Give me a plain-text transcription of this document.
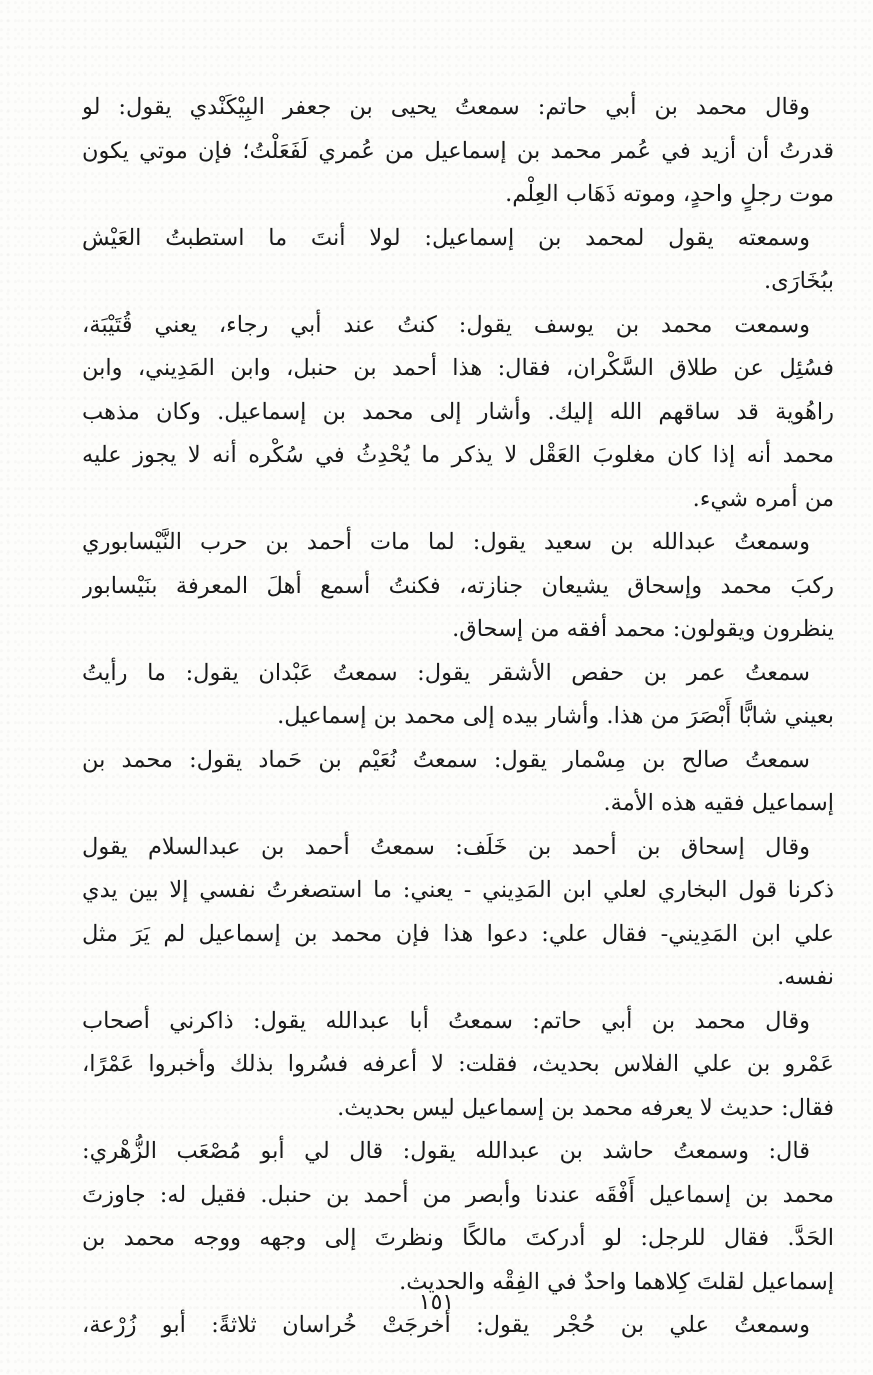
وقال محمد بن أبي حاتم: سمعتُ يحيى بن جعفر البِيْكَنْدي يقول: لو
قدرتُ أن أزيد في عُمر محمد بن إسماعيل من عُمري لَفَعَلْتُ؛ فإن موتي يكون
موت رجلٍ واحدٍ، وموته ذَهَاب العِلْم.
وسمعته يقول لمحمد بن إسماعيل: لولا أنتَ ما استطبتُ العَيْش
ببُخَارَى.
وسمعت محمد بن يوسف يقول: كنتُ عند أبي رجاء، يعني قُتَيْبَة،
فسُئِل عن طلاق السَّكْران، فقال: هذا أحمد بن حنبل، وابن المَدِيني، وابن
راهُوية قد ساقهم الله إليك. وأشار إلى محمد بن إسماعيل. وكان مذهب
محمد أنه إذا كان مغلوبَ العَقْل لا يذكر ما يُحْدِثُ في سُكْره أنه لا يجوز عليه
من أمره شيء.
وسمعتُ عبدالله بن سعيد يقول: لما مات أحمد بن حرب النَّيْسابوري
ركبَ محمد وإسحاق يشيعان جنازته، فكنتُ أسمع أهلَ المعرفة بنَيْسابور
ينظرون ويقولون: محمد أفقه من إسحاق.
سمعتُ عمر بن حفص الأشقر يقول: سمعتُ عَبْدان يقول: ما رأيتُ
بعيني شابًّا أَبْصَرَ من هذا. وأشار بيده إلى محمد بن إسماعيل.
سمعتُ صالح بن مِسْمار يقول: سمعتُ نُعَيْم بن حَماد يقول: محمد بن
إسماعيل فقيه هذه الأمة.
وقال إسحاق بن أحمد بن خَلَف: سمعتُ أحمد بن عبدالسلام يقول
ذكرنا قول البخاري لعلي ابن المَدِيني - يعني: ما استصغرتُ نفسي إلا بين يدي
علي ابن المَدِيني- فقال علي: دعوا هذا فإن محمد بن إسماعيل لم يَرَ مثل
نفسه.
وقال محمد بن أبي حاتم: سمعتُ أبا عبدالله يقول: ذاكرني أصحاب
عَمْرو بن علي الفلاس بحديث، فقلت: لا أعرفه فسُروا بذلك وأخبروا عَمْرًا،
فقال: حديث لا يعرفه محمد بن إسماعيل ليس بحديث.
قال: وسمعتُ حاشد بن عبدالله يقول: قال لي أبو مُصْعَب الزُّهْري:
محمد بن إسماعيل أَفْقَه عندنا وأبصر من أحمد بن حنبل. فقيل له: جاوزتَ
الحَدَّ. فقال للرجل: لو أدركتَ مالكًا ونظرتَ إلى وجهه ووجه محمد بن
إسماعيل لقلتَ كِلاهما واحدٌ في الفِقْه والحديث.
وسمعتُ علي بن حُجْر يقول: أخرجَتْ خُراسان ثلاثةً: أبو زُرْعة،
١٥١
